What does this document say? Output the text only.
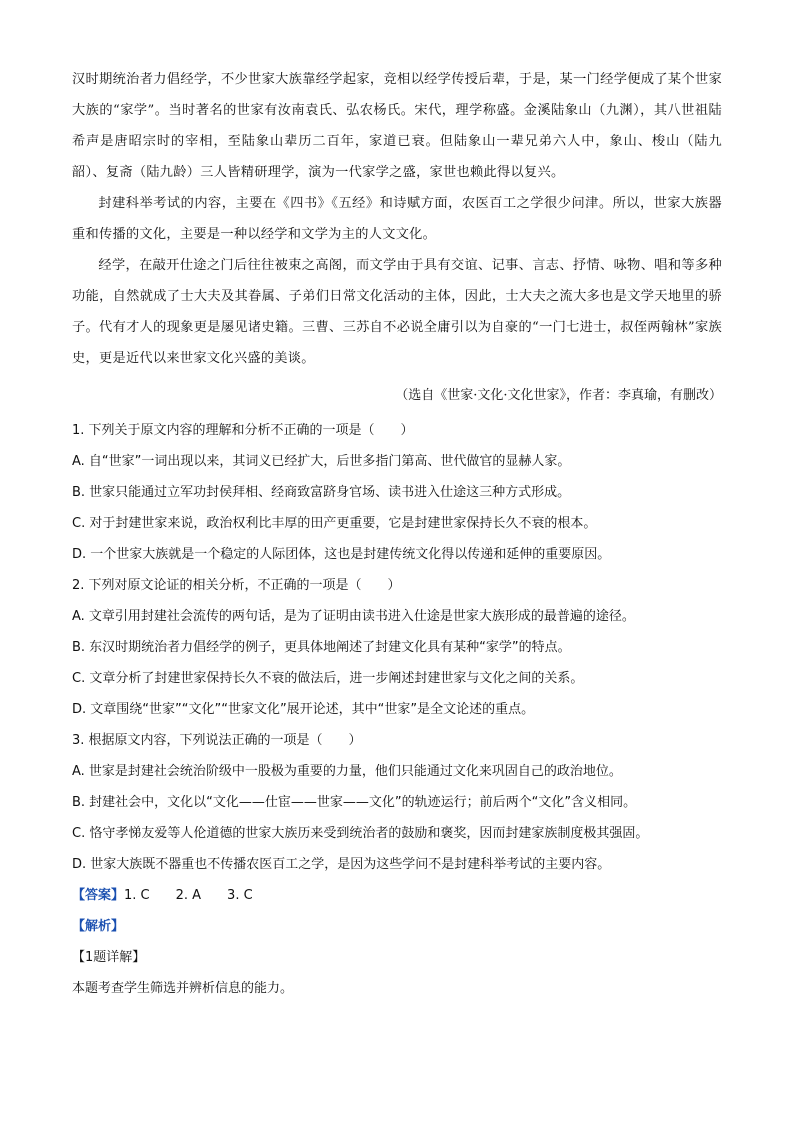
汉时期统治者力倡经学，不少世家大族靠经学起家，竞相以经学传授后辈，于是，某一门经学便成了某个世家大族的“家学”。当时著名的世家有汝南袁氏、弘农杨氏。宋代，理学称盛。金溪陆象山（九渊），其八世祖陆希声是唐昭宗时的宰相，至陆象山辈历二百年，家道已衰。但陆象山一辈兄弟六人中，象山、梭山（陆九韶）、复斋（陆九龄）三人皆精研理学，演为一代家学之盛，家世也赖此得以复兴。
封建科举考试的内容，主要在《四书》《五经》和诗赋方面，农医百工之学很少问津。所以，世家大族器重和传播的文化，主要是一种以经学和文学为主的人文文化。
经学，在敲开仕途之门后往往被束之高阁，而文学由于具有交谊、记事、言志、抒情、咏物、唱和等多种功能，自然就成了士大夫及其眷属、子弟们日常文化活动的主体，因此，士大夫之流大多也是文学天地里的骄子。代有才人的现象更是屡见诸史籍。三曹、三苏自不必说全庸引以为自豪的“一门七进士，叔侄两翰林”家族史，更是近代以来世家文化兴盛的美谈。
（选自《世家·文化·文化世家》，作者：李真瑜，有删改）
1. 下列关于原文内容的理解和分析不正确的一项是（　　）
A. 自“世家”一词出现以来，其词义已经扩大，后世多指门第高、世代做官的显赫人家。
B. 世家只能通过立军功封侯拜相、经商致富跻身官场、读书进入仕途这三种方式形成。
C. 对于封建世家来说，政治权利比丰厚的田产更重要，它是封建世家保持长久不衰的根本。
D. 一个世家大族就是一个稳定的人际团体，这也是封建传统文化得以传递和延伸的重要原因。
2. 下列对原文论证的相关分析，不正确的一项是（　　）
A. 文章引用封建社会流传的两句话，是为了证明由读书进入仕途是世家大族形成的最普遍的途径。
B. 东汉时期统治者力倡经学的例子，更具体地阐述了封建文化具有某种“家学”的特点。
C. 文章分析了封建世家保持长久不衰的做法后，进一步阐述封建世家与文化之间的关系。
D. 文章围绕“世家”“文化”“世家文化”展开论述，其中“世家”是全文论述的重点。
3. 根据原文内容，下列说法正确的一项是（　　）
A. 世家是封建社会统治阶级中一股极为重要的力量，他们只能通过文化来巩固自己的政治地位。
B. 封建社会中，文化以“文化——仕宦——世家——文化”的轨迹运行；前后两个“文化”含义相同。
C. 恪守孝悌友爱等人伦道德的世家大族历来受到统治者的鼓励和褒奖，因而封建家族制度极其强固。
D. 世家大族既不器重也不传播农医百工之学，是因为这些学问不是封建科举考试的主要内容。
【答案】1. C　　2. A　　3. C
【解析】
【1题详解】
本题考查学生筛选并辨析信息的能力。
